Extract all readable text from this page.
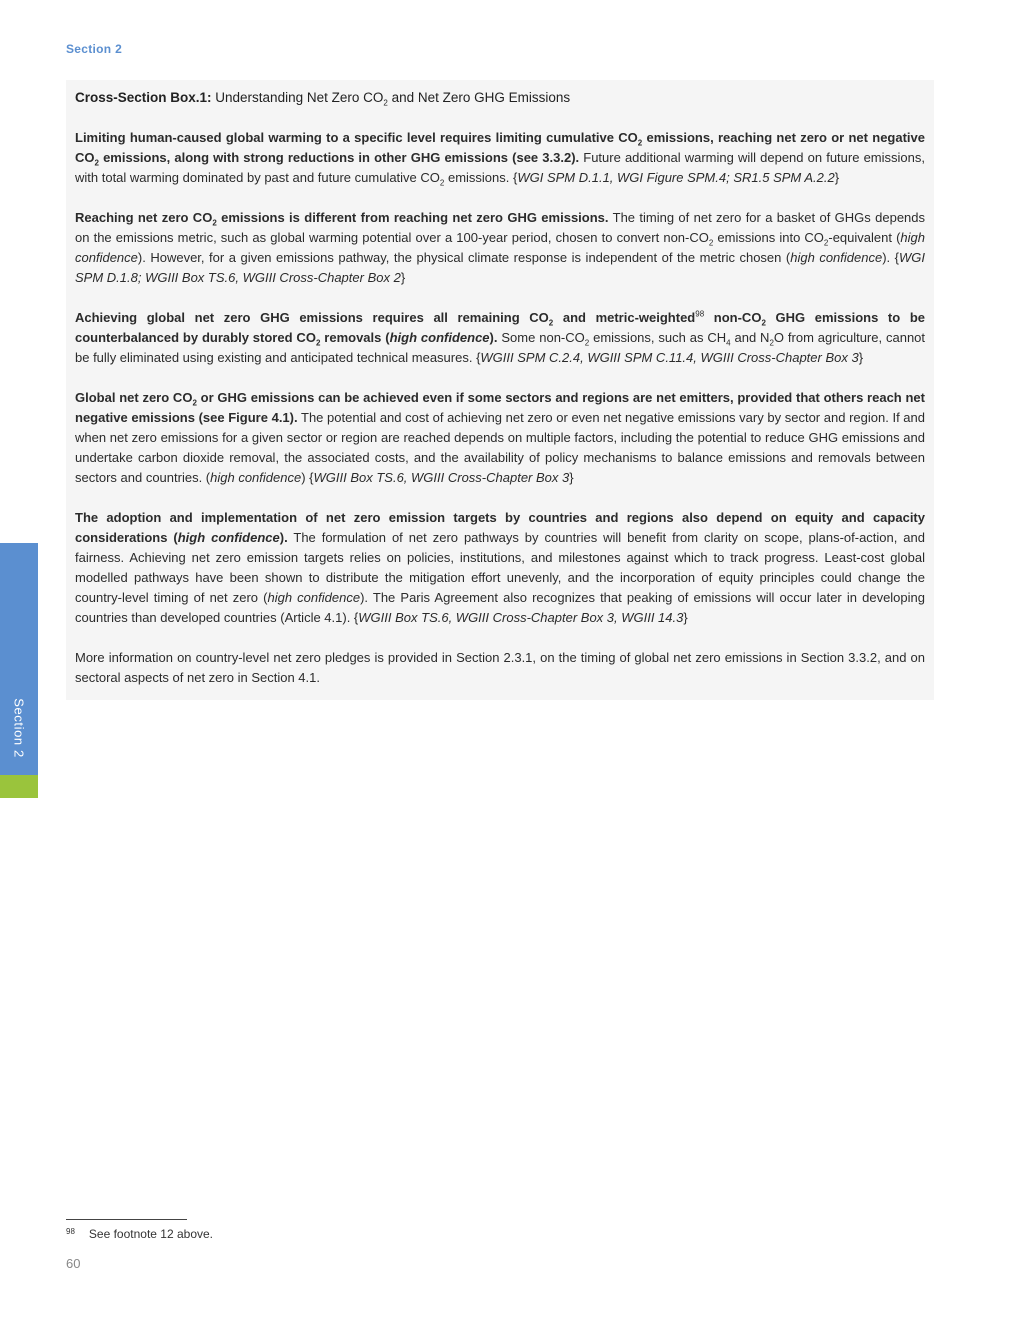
Section 2
Cross-Section Box.1: Understanding Net Zero $CO_2$ and Net Zero GHG Emissions

Limiting human-caused global warming to a specific level requires limiting cumulative $CO_2$ emissions, reaching net zero or net negative $CO_2$ emissions, along with strong reductions in other GHG emissions (see 3.3.2). Future additional warming will depend on future emissions, with total warming dominated by past and future cumulative $CO_2$ emissions. {WGI SPM D.1.1, WGI Figure SPM.4; SR1.5 SPM A.2.2}

Reaching net zero $CO_2$ emissions is different from reaching net zero GHG emissions. The timing of net zero for a basket of GHGs depends on the emissions metric, such as global warming potential over a 100-year period, chosen to convert non-$CO_2$ emissions into $CO_2$-equivalent (high confidence). However, for a given emissions pathway, the physical climate response is independent of the metric chosen (high confidence). {WGI SPM D.1.8; WGIII Box TS.6, WGIII Cross-Chapter Box 2}

Achieving global net zero GHG emissions requires all remaining $CO_2$ and metric-weighted$^{98}$ non-$CO_2$ GHG emissions to be counterbalanced by durably stored $CO_2$ removals (high confidence). Some non-$CO_2$ emissions, such as $CH_4$ and $N_2O$ from agriculture, cannot be fully eliminated using existing and anticipated technical measures. {WGIII SPM C.2.4, WGIII SPM C.11.4, WGIII Cross-Chapter Box 3}

Global net zero $CO_2$ or GHG emissions can be achieved even if some sectors and regions are net emitters, provided that others reach net negative emissions (see Figure 4.1). The potential and cost of achieving net zero or even net negative emissions vary by sector and region. If and when net zero emissions for a given sector or region are reached depends on multiple factors, including the potential to reduce GHG emissions and undertake carbon dioxide removal, the associated costs, and the availability of policy mechanisms to balance emissions and removals between sectors and countries. (high confidence) {WGIII Box TS.6, WGIII Cross-Chapter Box 3}

The adoption and implementation of net zero emission targets by countries and regions also depend on equity and capacity considerations (high confidence). The formulation of net zero pathways by countries will benefit from clarity on scope, plans-of-action, and fairness. Achieving net zero emission targets relies on policies, institutions, and milestones against which to track progress. Least-cost global modelled pathways have been shown to distribute the mitigation effort unevenly, and the incorporation of equity principles could change the country-level timing of net zero (high confidence). The Paris Agreement also recognizes that peaking of emissions will occur later in developing countries than developed countries (Article 4.1). {WGIII Box TS.6, WGIII Cross-Chapter Box 3, WGIII 14.3}

More information on country-level net zero pledges is provided in Section 2.3.1, on the timing of global net zero emissions in Section 3.3.2, and on sectoral aspects of net zero in Section 4.1.

Section 2
$^{98}$ See footnote 12 above.
60
